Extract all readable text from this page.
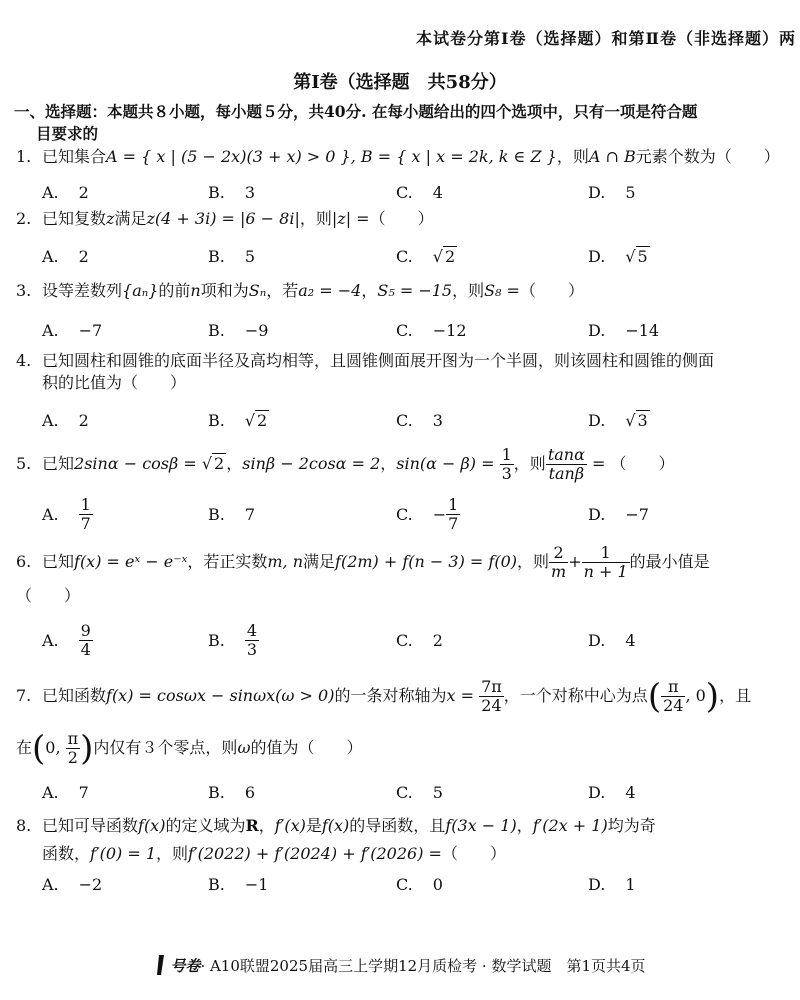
本试卷分第Ⅰ卷（选择题）和第Ⅱ卷（非选择题）两
第Ⅰ卷（选择题　共58分）
一、选择题：本题共８小题，每小题５分，共40分. 在每小题给出的四个选项中，只有一项是符合题
目要求的
1. 已知集合A = { x | (5 − 2x)(3 + x) > 0 }, B = { x | x = 2k, k ∈ Z }，则A ∩ B元素个数为（　　）
A. 2	B. 3	C. 4	D. 5
2. 已知复数z满足z(4 + 3i) = |6 − 8i|，则|z| =（　　）
A. 2	B. 5	C. √ 2	D. √ 5
3. 设等差数列{aₙ}的前n项和为Sₙ，若a₂ = −4，S₅ = −15，则S₈ =（　　）
A. −7	B. −9	C. −12	D. −14
4. 已知圆柱和圆锥的底面半径及高均相等，且圆锥侧面展开图为一个半圆，则该圆柱和圆锥的侧面
积的比值为（　　）
A. 2	B. √ 2	C. 3	D. √ 3
5. 已知2sinα − cosβ = √ 2 ，sinβ − 2cosα = 2，$\sin(\alpha - \beta) = \frac{1}{3}$ ，则 $\frac{\tan\alpha}{\tan\beta}$ = （　　）
A. $\frac{1}{7}$	B. 7	C. − $\frac{1}{7}$	D. −7
6. 已知f(x) = eˣ − e⁻ˣ，若正实数m, n满足f(2m) + f(n − 3) = f(0)，则 $\frac{2}{m} + \frac{1}{n + 1}$ 的最小值是
（　　）
A. $\frac{9}{4}$	B. $\frac{4}{3}$	C. 2	D. 4
7. 已知函数f(x) = cosωx − sinωx(ω > 0)的一条对称轴为$x = \frac{7\pi}{24}$ ，一个对称中心为点( $\frac{\pi}{24}$ , 0)，且
在(0, $\frac{\pi}{2}$ )内仅有３个零点，则ω的值为（　　）
A. 7	B. 6	C. 5	D. 4
8. 已知可导函数f(x)的定义域为R，f′(x)是f(x)的导函数，且f(3x − 1)，f′(2x + 1)均为奇
函数，f′(0) = 1，则f′(2022) + f′(2024) + f′(2026) =（　　）
A. −2	B. −1	C. 0	D. 1
号卷· A10联盟2025届高三上学期12月质检考 · 数学试题　第1页共4页
